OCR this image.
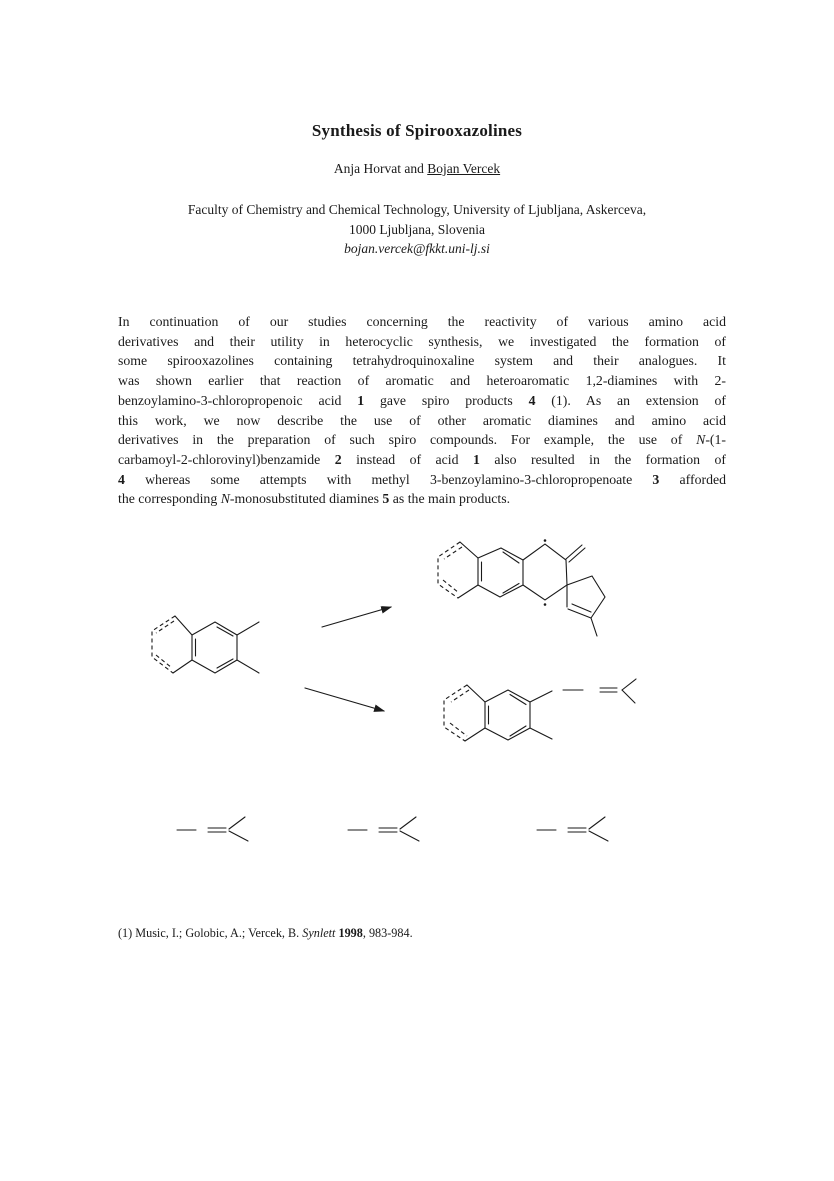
Synthesis of Spirooxazolines
Anja Horvat and Bojan Vercek
Faculty of Chemistry and Chemical Technology, University of Ljubljana, Askerceva,
1000 Ljubljana, Slovenia
bojan.vercek@fkkt.uni-lj.si
In continuation of our studies concerning the reactivity of various amino acid
derivatives and their utility in heterocyclic synthesis, we investigated the formation of
some spirooxazolines containing tetrahydroquinoxaline system and their analogues. It
was shown earlier that reaction of aromatic and heteroaromatic 1,2-diamines with 2-
benzoylamino-3-chloropropenoic acid 1 gave spiro products 4 (1). As an extension of
this work, we now describe the use of other aromatic diamines and amino acid
derivatives in the preparation of such spiro compounds. For example, the use of N-(1-
carbamoyl-2-chlorovinyl)benzamide 2 instead of acid 1 also resulted in the formation of
4 whereas some attempts with methyl 3-benzoylamino-3-chloropropenoate 3 afforded
the corresponding N-monosubstituted diamines 5 as the main products.
(1) Music, I.; Golobic, A.; Vercek, B. Synlett 1998, 983-984.
